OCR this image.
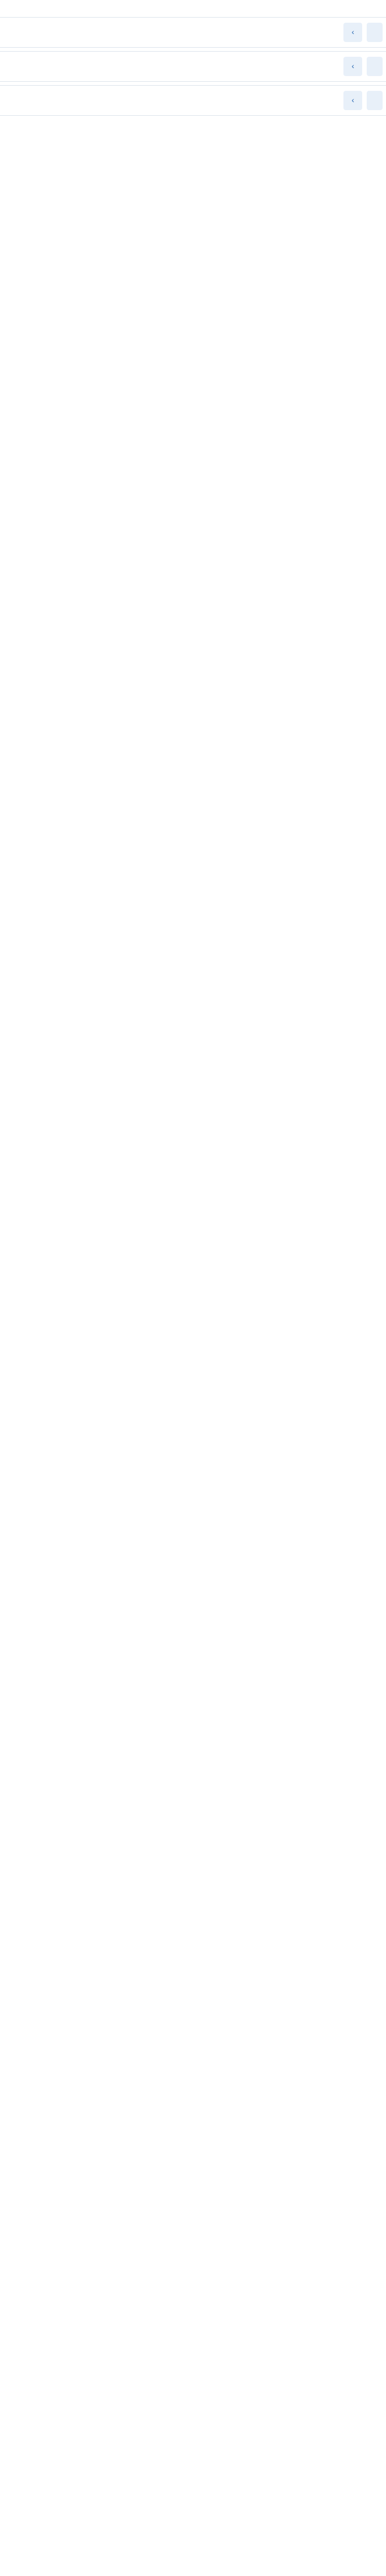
‹
‹
‹
